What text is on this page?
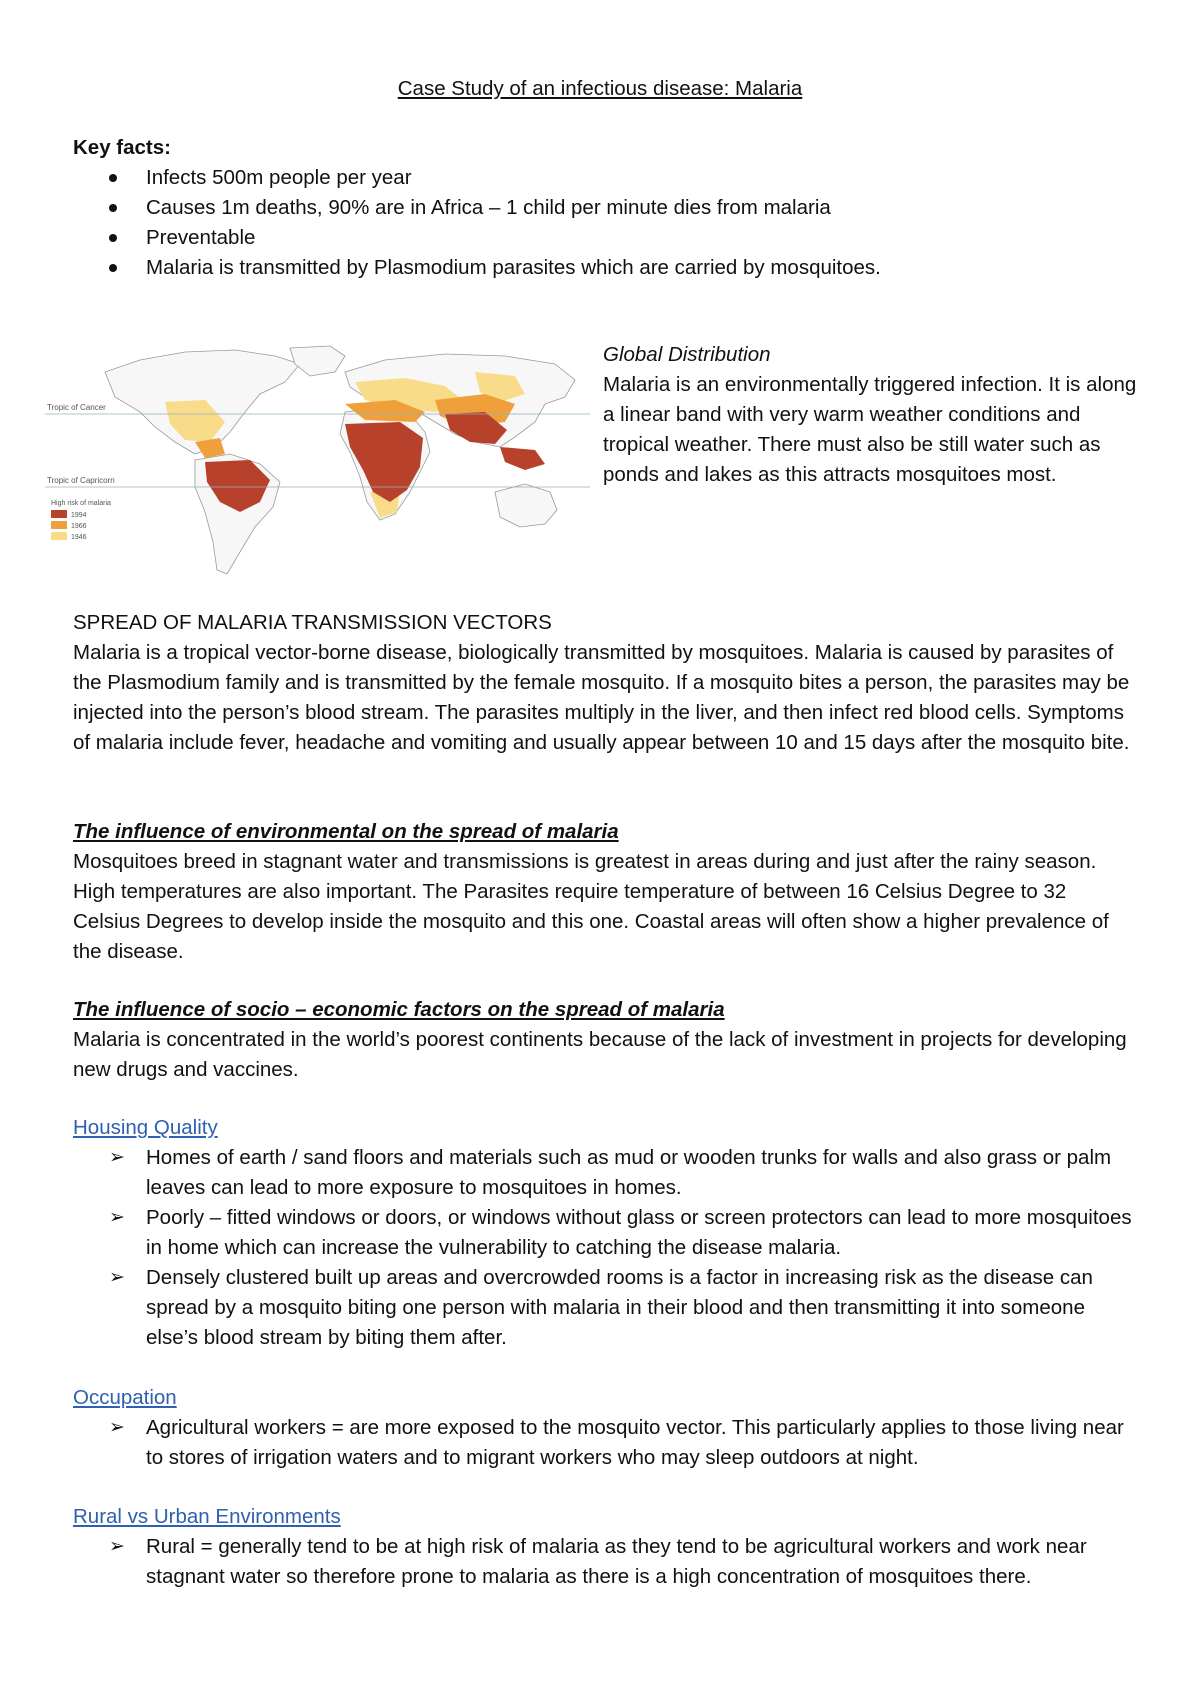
Case Study of an infectious disease: Malaria
Key facts:
Infects 500m people per year
Causes 1m deaths, 90% are in Africa – 1 child per minute dies from malaria
Preventable
Malaria is transmitted by Plasmodium parasites which are carried by mosquitoes.
Tropic of Cancer
Tropic of Capricorn
High risk of malaria
1994
1966
1946
Global Distribution

Malaria is an environmentally triggered infection. It is along a linear band with very warm weather conditions and tropical weather. There must also be still water such as ponds and lakes as this attracts mosquitoes most.

SPREAD OF MALARIA TRANSMISSION VECTORS

Malaria is a tropical vector-borne disease, biologically transmitted by mosquitoes. Malaria is caused by parasites of the Plasmodium family and is transmitted by the female mosquito. If a mosquito bites a person, the parasites may be injected into the person’s blood stream. The parasites multiply in the liver, and then infect red blood cells. Symptoms of malaria include fever, headache and vomiting and usually appear between 10 and 15 days after the mosquito bite.

The influence of environmental on the spread of malaria

Mosquitoes breed in stagnant water and transmissions is greatest in areas during and just after the rainy season. High temperatures are also important. The Parasites require temperature of between 16 Celsius Degree to 32 Celsius Degrees to develop inside the mosquito and this one. Coastal areas will often show a higher prevalence of the disease.

The influence of socio – economic factors on the spread of malaria

Malaria is concentrated in the world’s poorest continents because of the lack of investment in projects for developing new drugs and vaccines.

Housing Quality
➢ Homes of earth / sand floors and materials such as mud or wooden trunks for walls and also grass or palm leaves can lead to more exposure to mosquitoes in homes.
➢ Poorly – fitted windows or doors, or windows without glass or screen protectors can lead to more mosquitoes in home which can increase the vulnerability to catching the disease malaria.
➢ Densely clustered built up areas and overcrowded rooms is a factor in increasing risk as the disease can spread by a mosquito biting one person with malaria in their blood and then transmitting it into someone else’s blood stream by biting them after.
Occupation
➢ Agricultural workers = are more exposed to the mosquito vector. This particularly applies to those living near to stores of irrigation waters and to migrant workers who may sleep outdoors at night.
Rural vs Urban Environments
➢ Rural = generally tend to be at high risk of malaria as they tend to be agricultural workers and work near stagnant water so therefore prone to malaria as there is a high concentration of mosquitoes there.
